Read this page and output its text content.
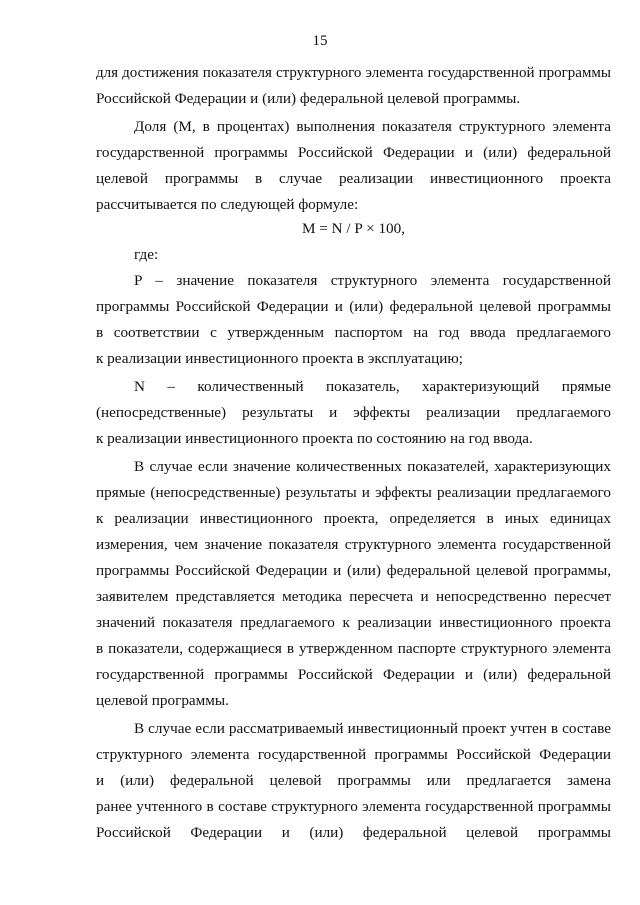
15
для достижения показателя структурного элемента государственной программы
Российской Федерации и (или) федеральной целевой программы.
Доля (М, в процентах) выполнения показателя структурного элемента
государственной программы Российской Федерации и (или) федеральной
целевой программы в случае реализации инвестиционного проекта
рассчитывается по следующей формуле:
M = N / P × 100,
где:
P – значение показателя структурного элемента государственной
программы Российской Федерации и (или) федеральной целевой программы
в соответствии с утвержденным паспортом на год ввода предлагаемого
к реализации инвестиционного проекта в эксплуатацию;
N – количественный показатель, характеризующий прямые
(непосредственные) результаты и эффекты реализации предлагаемого
к реализации инвестиционного проекта по состоянию на год ввода.
В случае если значение количественных показателей, характеризующих
прямые (непосредственные) результаты и эффекты реализации предлагаемого
к реализации инвестиционного проекта, определяется в иных единицах
измерения, чем значение показателя структурного элемента государственной
программы Российской Федерации и (или) федеральной целевой программы,
заявителем представляется методика пересчета и непосредственно пересчет
значений показателя предлагаемого к реализации инвестиционного проекта
в показатели, содержащиеся в утвержденном паспорте структурного элемента
государственной программы Российской Федерации и (или) федеральной
целевой программы.
В случае если рассматриваемый инвестиционный проект учтен в составе
структурного элемента государственной программы Российской Федерации
и (или) федеральной целевой программы или предлагается замена
ранее учтенного в составе структурного элемента государственной программы
Российской Федерации и (или) федеральной целевой программы
